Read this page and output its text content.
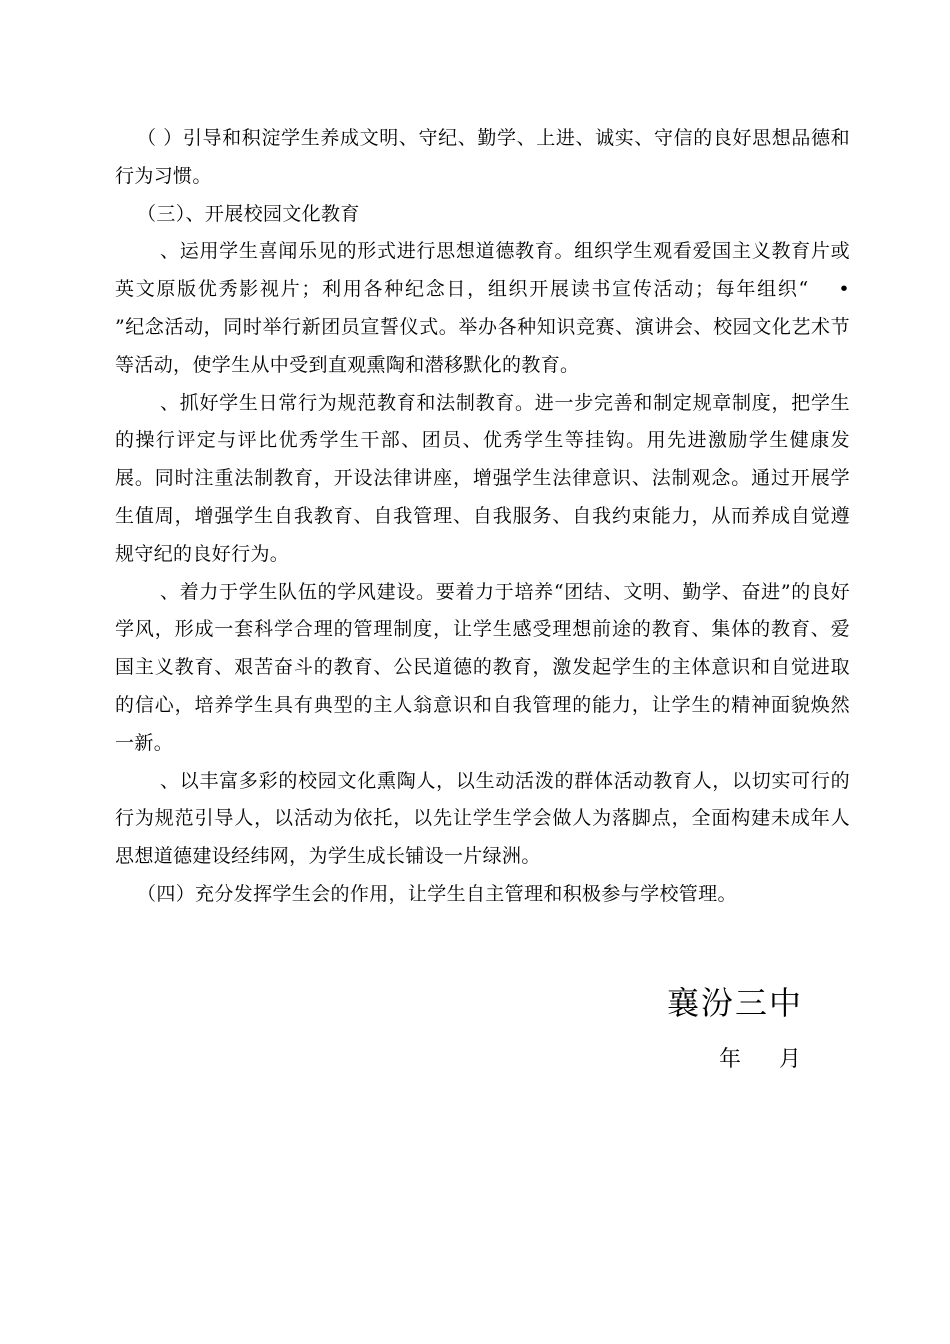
（ ）引导和积淀学生养成文明、守纪、勤学、上进、诚实、守信的良好思想品德和行为习惯。

（三）、开展校园文化教育

、运用学生喜闻乐见的形式进行思想道德教育。组织学生观看爱国主义教育片或英文原版优秀影视片；利用各种纪念日，组织开展读书宣传活动；每年组织“　 •　 ”纪念活动，同时举行新团员宣誓仪式。举办各种知识竞赛、演讲会、校园文化艺术节等活动，使学生从中受到直观熏陶和潜移默化的教育。

、抓好学生日常行为规范教育和法制教育。进一步完善和制定规章制度，把学生的操行评定与评比优秀学生干部、团员、优秀学生等挂钩。用先进激励学生健康发展。同时注重法制教育，开设法律讲座，增强学生法律意识、法制观念。通过开展学生值周，增强学生自我教育、自我管理、自我服务、自我约束能力，从而养成自觉遵规守纪的良好行为。

、着力于学生队伍的学风建设。要着力于培养“团结、文明、勤学、奋进”的良好学风，形成一套科学合理的管理制度，让学生感受理想前途的教育、集体的教育、爱国主义教育、艰苦奋斗的教育、公民道德的教育，激发起学生的主体意识和自觉进取的信心，培养学生具有典型的主人翁意识和自我管理的能力，让学生的精神面貌焕然一新。

、以丰富多彩的校园文化熏陶人，以生动活泼的群体活动教育人，以切实可行的行为规范引导人，以活动为依托，以先让学生学会做人为落脚点，全面构建未成年人思想道德建设经纬网，为学生成长铺设一片绿洲。

（四）充分发挥学生会的作用，让学生自主管理和积极参与学校管理。

襄汾三中
年 月
